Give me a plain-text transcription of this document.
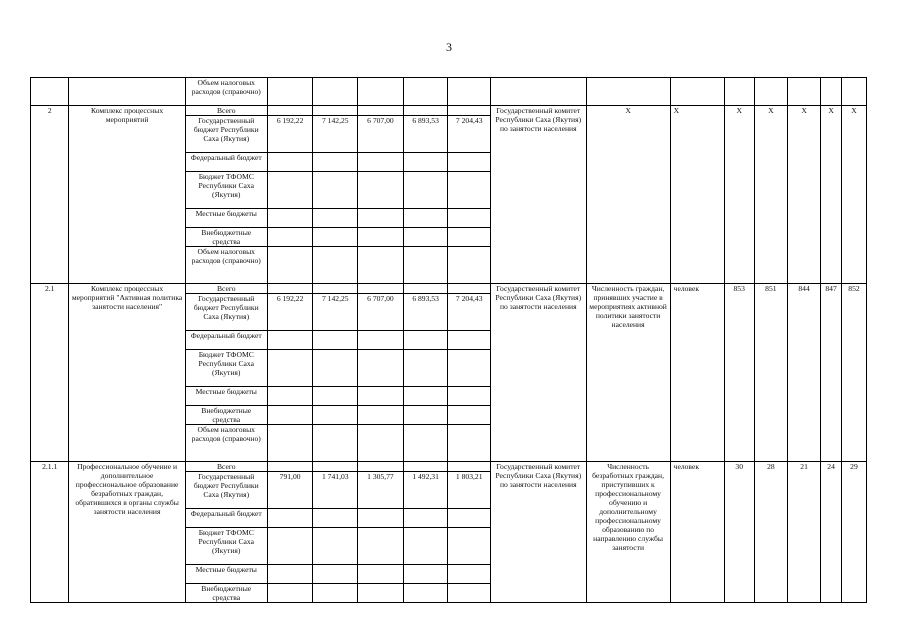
3
		Объем налоговых расходов (справочно)													
2	Комплекс процессных мероприятий	Всего						Государственный комитет Республики Саха (Якутия) по занятости населения	Х	Х	Х	Х	Х	Х	Х
		Государственный бюджет Республики Саха (Якутия)	6 192,22	7 142,25	6 707,00	6 893,53	7 204,43								
		Федеральный бюджет													
		Бюджет ТФОМС Республики Саха (Якутия)													
		Местные бюджеты													
		Внебюджетные средства													
		Объем налоговых расходов (справочно)													
2.1	Комплекс процессных мероприятий "Активная политика занятости населения"	Всего						Государственный комитет Республики Саха (Якутия) по занятости населения	Численность граждан, принявших участие в мероприятиях активной политики занятости населения	человек	853	851	844	847	852
		Государственный бюджет Республики Саха (Якутия)	6 192,22	7 142,25	6 707,00	6 893,53	7 204,43								
		Федеральный бюджет													
		Бюджет ТФОМС Республики Саха (Якутия)													
		Местные бюджеты													
		Внебюджетные средства													
		Объем налоговых расходов (справочно)													
2.1.1	Профессиональное обучение и дополнительное профессиональное образование безработных граждан, обратившихся в органы службы занятости населения	Всего						Государственный комитет Республики Саха (Якутия) по занятости населения	Численность безработных граждан, приступивших к профессиональному обучению и дополнительному профессиональному образованию по направлению службы занятости	человек	30	28	21	24	29
		Государственный бюджет Республики Саха (Якутия)	791,00	1 741,03	1 305,77	1 492,31	1 803,21								
		Федеральный бюджет													
		Бюджет ТФОМС Республики Саха (Якутия)													
		Местные бюджеты													
		Внебюджетные средства													
